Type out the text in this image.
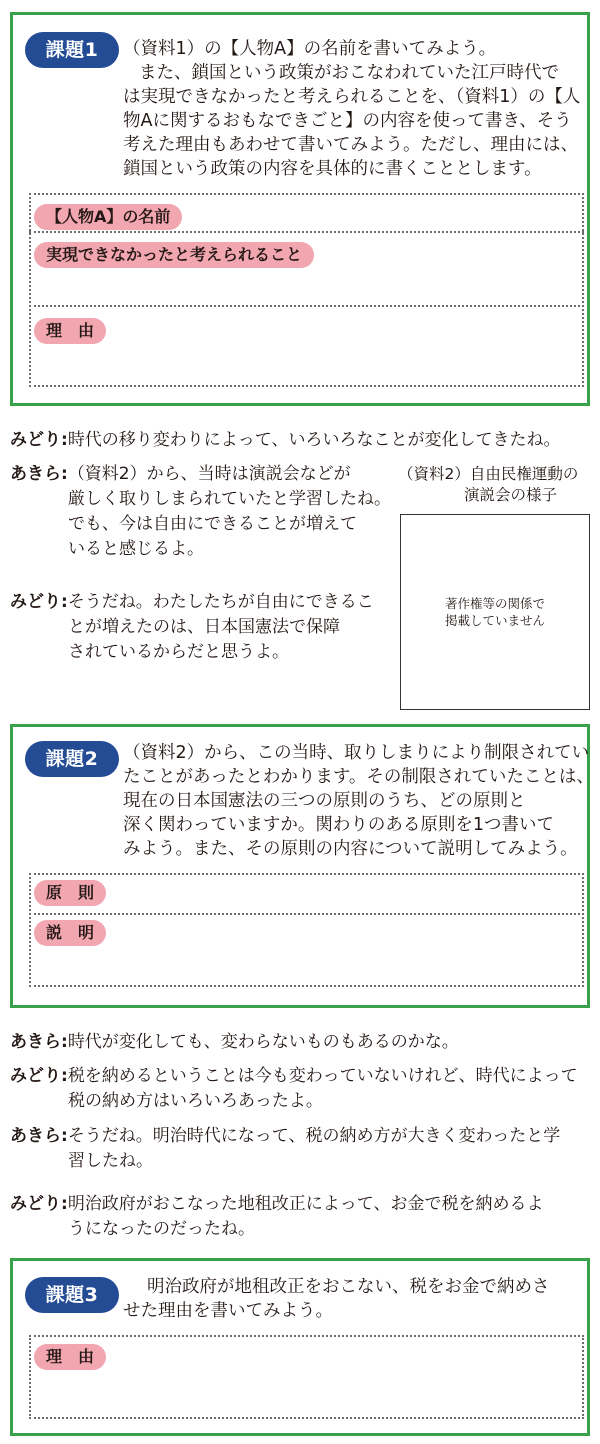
課題1	（資料1）の【人物A】の名前を書いてみよう。
また、鎖国という政策がおこなわれていた江戸時代で
は実現できなかったと考えられることを、（資料1）の【人
物Aに関するおもなできごと】の内容を使って書き、そう
考えた理由もあわせて書いてみよう。ただし、理由には、
鎖国という政策の内容を具体的に書くこととします。
【人物A】の名前
実現できなかったと考えられること
理　由
みどり:時代の移り変わりによって、いろいろなことが変化してきたね。
あきら:（資料2）から、当時は演説会などが
厳しく取りしまられていたと学習したね。
でも、今は自由にできることが増えて
いると感じるよ。
みどり:そうだね。わたしたちが自由にできるこ
とが増えたのは、日本国憲法で保障
されているからだと思うよ。
（資料2）自由民権運動の
演説会の様子
著作権等の関係で
掲載していません
課題2	（資料2）から、この当時、取りしまりにより制限されてい
たことがあったとわかります。その制限されていたことは、
現在の日本国憲法の三つの原則のうち、どの原則と
深く関わっていますか。関わりのある原則を1つ書いて
みよう。また、その原則の内容について説明してみよう。
原　則
説　明
あきら:時代が変化しても、変わらないものもあるのかな。
みどり:税を納めるということは今も変わっていないけれど、時代によって
税の納め方はいろいろあったよ。
あきら:そうだね。明治時代になって、税の納め方が大きく変わったと学
習したね。
みどり:明治政府がおこなった地租改正によって、お金で税を納めるよ
うになったのだったね。
課題3	明治政府が地租改正をおこない、税をお金で納めさ
せた理由を書いてみよう。
理　由
